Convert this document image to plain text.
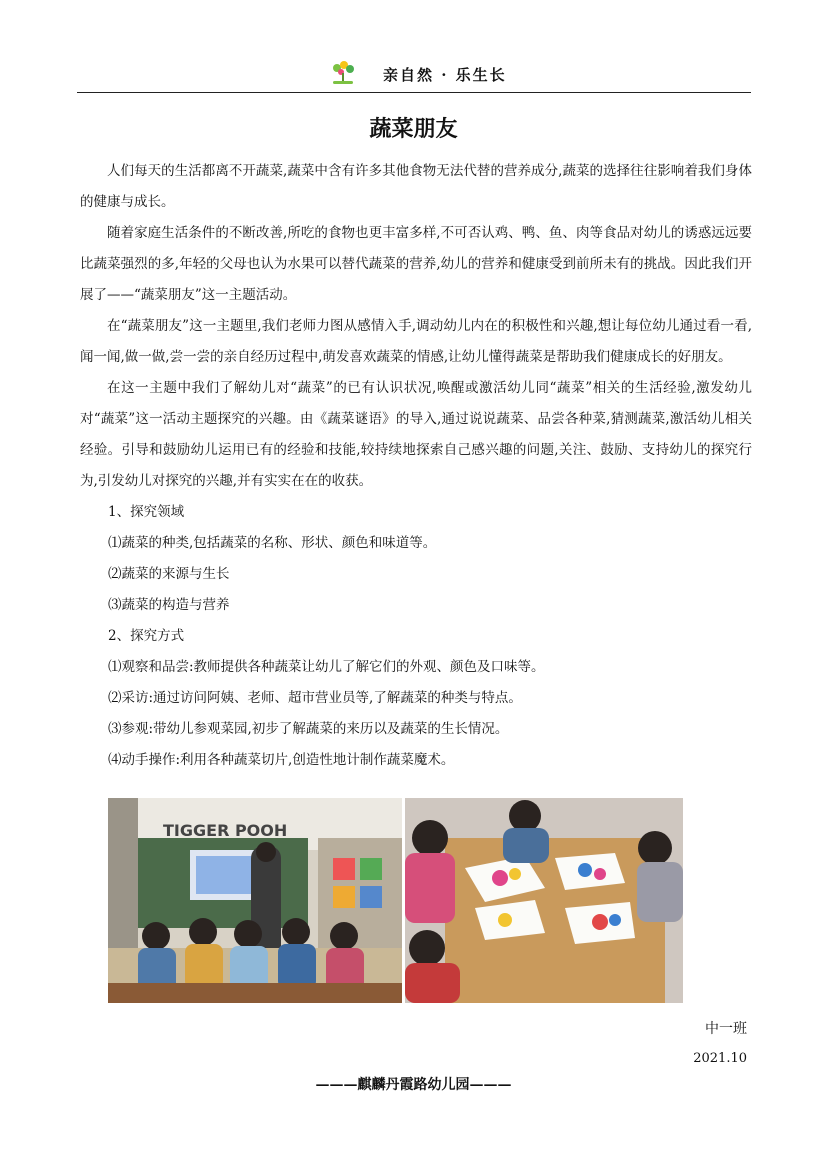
亲自然 · 乐生长
蔬菜朋友

人们每天的生活都离不开蔬菜,蔬菜中含有许多其他食物无法代替的营养成分,蔬菜的选择往往影响着我们身体的健康与成长。

随着家庭生活条件的不断改善,所吃的食物也更丰富多样,不可否认鸡、鸭、鱼、肉等食品对幼儿的诱惑远远要比蔬菜强烈的多,年轻的父母也认为水果可以替代蔬菜的营养,幼儿的营养和健康受到前所未有的挑战。因此我们开展了——“蔬菜朋友”这一主题活动。

在“蔬菜朋友”这一主题里,我们老师力图从感情入手,调动幼儿内在的积极性和兴趣,想让每位幼儿通过看一看,闻一闻,做一做,尝一尝的亲自经历过程中,萌发喜欢蔬菜的情感,让幼儿懂得蔬菜是帮助我们健康成长的好朋友。

在这一主题中我们了解幼儿对“蔬菜”的已有认识状况,唤醒或激活幼儿同“蔬菜”相关的生活经验,激发幼儿对“蔬菜”这一活动主题探究的兴趣。由《蔬菜谜语》的导入,通过说说蔬菜、品尝各种菜,猜测蔬菜,激活幼儿相关经验。引导和鼓励幼儿运用已有的经验和技能,较持续地探索自己感兴趣的问题,关注、鼓励、支持幼儿的探究行为,引发幼儿对探究的兴趣,并有实实在在的收获。

1、探究领域

⑴蔬菜的种类,包括蔬菜的名称、形状、颜色和味道等。

⑵蔬菜的来源与生长

⑶蔬菜的构造与营养

2、探究方式

⑴观察和品尝:教师提供各种蔬菜让幼儿了解它们的外观、颜色及口味等。

⑵采访:通过访问阿姨、老师、超市营业员等,了解蔬菜的种类与特点。

⑶参观:带幼儿参观菜园,初步了解蔬菜的来历以及蔬菜的生长情况。

⑷动手操作:利用各种蔬菜切片,创造性地计制作蔬菜魔术。

TIGGER POOH
中一班
2021.10
———麒麟丹霞路幼儿园———
